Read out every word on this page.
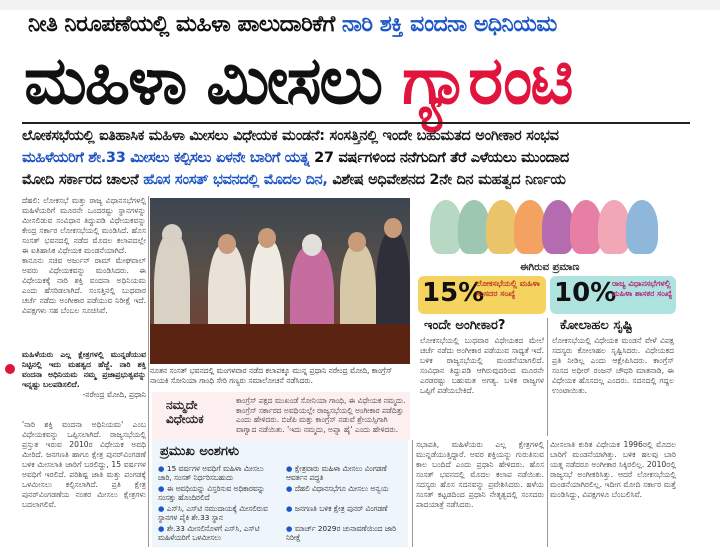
ನೀತಿ ನಿರೂಪಣೆಯಲ್ಲಿ ಮಹಿಳಾ ಪಾಲುದಾರಿಕೆಗೆ ನಾರಿ ಶಕ್ತಿ ವಂದನಾ ಅಧಿನಿಯಮ
ಮಹಿಳಾ ಮೀಸಲು ಗ್ಯಾರಂಟಿ
ಲೋಕಸಭೆಯಲ್ಲಿ ಐತಿಹಾಸಿಕ ಮಹಿಳಾ ಮೀಸಲು ವಿಧೇಯಕ ಮಂಡನೆ: ಸಂಸತ್ತಿನಲ್ಲಿ ಇಂದೇ ಬಹುಮತದ ಅಂಗೀಕಾರ ಸಂಭವ
ಮಹಿಳೆಯರಿಗೆ ಶೇ.33 ಮೀಸಲು ಕಲ್ಪಿಸಲು ಏಳನೇ ಬಾರಿಗೆ ಯತ್ನ 27 ವರ್ಷಗಳಿಂದ ನನೆಗುದಿಗೆ ತೆರೆ ಎಳೆಯಲು ಮುಂದಾದ
ಮೋದಿ ಸರ್ಕಾರದ ಚಾಲನೆ ಹೊಸ ಸಂಸತ್ ಭವನದಲ್ಲಿ ಮೊದಲ ದಿನ, ವಿಶೇಷ ಅಧಿವೇಶನದ 2ನೇ ದಿನ ಮಹತ್ವದ ನಿರ್ಣಯ
ದೆಹಲಿ: ಲೋಕಸಭೆ ಮತ್ತು ರಾಜ್ಯ ವಿಧಾನಸಭೆಗಳಲ್ಲಿ ಮಹಿಳೆಯರಿಗೆ ಮೂರನೇ ಒಂದರಷ್ಟು ಸ್ಥಾನಗಳನ್ನು ಮೀಸಲಿಡುವ ಸಂವಿಧಾನ ತಿದ್ದುಪಡಿ ವಿಧೇಯಕವನ್ನು ಕೇಂದ್ರ ಸರ್ಕಾರ ಲೋಕಸಭೆಯಲ್ಲಿ ಮಂಡಿಸಿದೆ. ಹೊಸ ಸಂಸತ್ ಭವನದಲ್ಲಿ ನಡೆದ ಮೊದಲ ಕಲಾಪದಲ್ಲೇ ಈ ಐತಿಹಾಸಿಕ ವಿಧೇಯಕ ಮಂಡನೆಯಾಗಿದೆ.
ಕಾನೂನು ಸಚಿವ ಅರ್ಜುನ್ ರಾಮ್ ಮೇಘವಾಲ್ ಅವರು ವಿಧೇಯಕವನ್ನು ಮಂಡಿಸಿದರು. ಈ ವಿಧೇಯಕಕ್ಕೆ ನಾರಿ ಶಕ್ತಿ ವಂದನಾ ಅಧಿನಿಯಮ ಎಂದು ಹೆಸರಿಡಲಾಗಿದೆ. ಸಂಸತ್ತಿನಲ್ಲಿ ಬುಧವಾರ ಚರ್ಚೆ ನಡೆದು ಅಂಗೀಕಾರ ಪಡೆಯುವ ನಿರೀಕ್ಷೆ ಇದೆ. ವಿಪಕ್ಷಗಳು ಸಹ ಬೆಂಬಲ ಸೂಚಿಸಿವೆ.
ಮಹಿಳೆಯರು ಎಲ್ಲ ಕ್ಷೇತ್ರಗಳಲ್ಲಿ ಮುನ್ನಡೆಯುವ ನಿಟ್ಟಿನಲ್ಲಿ ಇದು ಮಹತ್ವದ ಹೆಜ್ಜೆ. ನಾರಿ ಶಕ್ತಿ ವಂದನಾ ಅಧಿನಿಯಮ ನಮ್ಮ ಪ್ರಜಾಪ್ರಭುತ್ವವನ್ನು ಇನ್ನಷ್ಟು ಬಲಪಡಿಸಲಿದೆ.
-ನರೇಂದ್ರ ಮೋದಿ, ಪ್ರಧಾನಿ
'ನಾರಿ ಶಕ್ತಿ ವಂದನಾ ಅಧಿನಿಯಮ' ಎಂಬ ವಿಧೇಯಕವನ್ನು ಒಪ್ಪಿಸಲಾಗಿದೆ. ರಾಜ್ಯಸಭೆಯಲ್ಲಿ ಪ್ರಸ್ತುತ ಇರುವ 2010ರ ವಿಧೇಯಕ ಅವಧಿ ಮೀರಿದೆ. ಜನಗಣತಿ ಹಾಗೂ ಕ್ಷೇತ್ರ ಪುನರ್‌ವಿಂಗಡಣೆ ಬಳಿಕ ಮೀಸಲಾತಿ ಜಾರಿಗೆ ಬರಲಿದ್ದು, 15 ವರ್ಷಗಳ ಅವಧಿಗೆ ಇರಲಿದೆ. ಪರಿಶಿಷ್ಟ ಜಾತಿ ಮತ್ತು ಪಂಗಡಕ್ಕೆ ಒಳಮೀಸಲು ಕಲ್ಪಿಸಲಾಗಿದೆ. ಪ್ರತಿ ಕ್ಷೇತ್ರ ಪುನರ್‌ವಿಂಗಡಣೆಯ ನಂತರ ಮೀಸಲು ಕ್ಷೇತ್ರಗಳು ಬದಲಾಗಲಿವೆ.
ನೂತನ ಸಂಸತ್ ಭವನದಲ್ಲಿ ಮಂಗಳವಾರ ನಡೆದ ಕಲಾಪಕ್ಕೂ ಮುನ್ನ ಪ್ರಧಾನಿ ನರೇಂದ್ರ ಮೋದಿ, ಕಾಂಗ್ರೆಸ್ ನಾಯಕಿ ಸೋನಿಯಾ ಗಾಂಧಿ ಸೇರಿ ಗಣ್ಯರು ಸಮಾಲೋಚನೆ ನಡೆಸಿದರು.
ನಮ್ಮದೇ ವಿಧೇಯಕ
ಕಾಂಗ್ರೆಸ್ ಪಕ್ಷದ ಮುಖಂಡೆ ಸೋನಿಯಾ ಗಾಂಧಿ, ಈ ವಿಧೇಯಕ ನಮ್ಮದು. ಕಾಂಗ್ರೆಸ್ ಸರ್ಕಾರದ ಅವಧಿಯಲ್ಲೇ ರಾಜ್ಯಸಭೆಯಲ್ಲಿ ಅಂಗೀಕಾರ ಪಡೆದಿತ್ತು ಎಂದು ಹೇಳಿದರು. ಬಿಜೆಪಿ ಮತ್ತು ಕಾಂಗ್ರೆಸ್ ನಡುವೆ ಶ್ರೇಯಸ್ಸಿಗಾಗಿ ವಾಗ್ವಾದ ನಡೆಯಿತು. 'ಇದು ನಮ್ಮದು, ಅಪ್ನಾ ಹೈ' ಎಂದು ಹೇಳಿದರು.
ಪ್ರಮುಖ ಅಂಶಗಳು
● 15 ವರ್ಷಗಳ ಅವಧಿಗೆ ಮಹಿಳಾ ಮೀಸಲು ಜಾರಿ, ಸಂಸತ್ ನಿರ್ಧರಿಸಬಹುದು
● ಈ ಅವಧಿಯನ್ನು ವಿಸ್ತರಿಸುವ ಅಧಿಕಾರವನ್ನು ಸಂಸತ್ತು ಹೊಂದಿರಲಿದೆ
● ಎಸ್‌ಸಿ, ಎಸ್‌ಟಿ ಸಮುದಾಯಕ್ಕೆ ಮೀಸಲಿರುವ ಸ್ಥಾನಗಳ ಪೈಕಿ ಶೇ.33 ಸ್ಥಾನ
● ಶೇ.33 ಮೀಸಲಿನೊಳಗೆ ಎಸ್‌ಸಿ, ಎಸ್‌ಟಿ ಮಹಿಳೆಯರಿಗೆ ಒಳಮೀಸಲು
● ಕ್ಷೇತ್ರವಾರು ಮಹಿಳಾ ಮೀಸಲು ವಿಂಗಡಣೆ ಆವರ್ತನ ಪದ್ಧತಿ
● ದೆಹಲಿ ವಿಧಾನಸಭೆಗೂ ಮೀಸಲು ಅನ್ವಯ
● ಜನಗಣತಿ ಬಳಿಕ ಕ್ಷೇತ್ರ ಪುನರ್ ವಿಂಗಡಣೆ
● ಮಾರ್ಚ್ 2029ರ ಚುನಾವಣೆಯಿಂದ ಜಾರಿ ನಿರೀಕ್ಷೆ
ಈಗಿರುವ ಪ್ರಮಾಣ
15%
ಲೋಕಸಭೆಯಲ್ಲಿ ಮಹಿಳಾ ಸಂಸದರ ಸಂಖ್ಯೆ	10%
ರಾಜ್ಯ ವಿಧಾನಸಭೆಗಳಲ್ಲಿ ಮಹಿಳಾ ಶಾಸಕರ ಸಂಖ್ಯೆ
ಇಂದೇ ಅಂಗೀಕಾರ?
ಲೋಕಸಭೆಯಲ್ಲಿ ಬುಧವಾರ ವಿಧೇಯಕದ ಮೇಲೆ ಚರ್ಚೆ ನಡೆದು ಅಂಗೀಕಾರ ಪಡೆಯುವ ಸಾಧ್ಯತೆ ಇದೆ. ಬಳಿಕ ರಾಜ್ಯಸಭೆಯಲ್ಲಿ ಮಂಡನೆಯಾಗಲಿದೆ. ಸಂವಿಧಾನ ತಿದ್ದುಪಡಿ ಆಗಿರುವುದರಿಂದ ಮೂರನೇ ಎರಡರಷ್ಟು ಬಹುಮತ ಅಗತ್ಯ. ಬಳಿಕ ರಾಜ್ಯಗಳ ಒಪ್ಪಿಗೆ ಪಡೆಯಬೇಕಿದೆ.
ಕೋಲಾಹಲ ಸೃಷ್ಟಿ
ಲೋಕಸಭೆಯಲ್ಲಿ ವಿಧೇಯಕ ಮಂಡನೆ ವೇಳೆ ವಿಪಕ್ಷ ಸದಸ್ಯರು ಕೋಲಾಹಲ ಸೃಷ್ಟಿಸಿದರು. ವಿಧೇಯಕದ ಪ್ರತಿ ನೀಡಿಲ್ಲ ಎಂದು ಆಕ್ಷೇಪಿಸಿದರು. ಕಾಂಗ್ರೆಸ್ ಸಂಸದ ಅಧೀರ್ ರಂಜನ್ ಚೌಧರಿ ಮಾತನಾಡಿ, ಈ ವಿಧೇಯಕ ಹೊಸದಲ್ಲ ಎಂದರು. ಸದನದಲ್ಲಿ ಗದ್ದಲ ಉಂಟಾಯಿತು.
ಸಭಾಪತಿ, ಮಹಿಳೆಯರು ಎಲ್ಲ ಕ್ಷೇತ್ರಗಳಲ್ಲಿ ಮುನ್ನಡೆಯುತ್ತಿದ್ದಾರೆ. ಅವರ ಶಕ್ತಿಯನ್ನು ಗುರುತಿಸುವ ಕಾಲ ಬಂದಿದೆ ಎಂದು ಪ್ರಧಾನಿ ಹೇಳಿದರು. ಹೊಸ ಸಂಸತ್ ಭವನದಲ್ಲಿ ಮೊದಲ ಕಲಾಪ ನಡೆಯಿತು. ಸದಸ್ಯರು ಹೊಸ ಸದನವನ್ನು ಪ್ರವೇಶಿಸಿದರು. ಹಳೆಯ ಸಂಸತ್ ಕಟ್ಟಡದಿಂದ ಪ್ರಧಾನಿ ನೇತೃತ್ವದಲ್ಲಿ ಸಂಸದರು ಪಾದಯಾತ್ರೆ ನಡೆಸಿದರು.
ಮೀಸಲಾತಿ ಕುರಿತ ವಿಧೇಯಕ 1996ರಲ್ಲಿ ಮೊದಲ ಬಾರಿಗೆ ಮಂಡನೆಯಾಗಿತ್ತು. ಬಳಿಕ ಹಲವು ಬಾರಿ ಯತ್ನ ನಡೆದರೂ ಅಂಗೀಕಾರ ಸಿಕ್ಕಿರಲಿಲ್ಲ. 2010ರಲ್ಲಿ ರಾಜ್ಯಸಭೆ ಅಂಗೀಕರಿಸಿತ್ತು. ಆದರೆ ಲೋಕಸಭೆಯಲ್ಲಿ ಮಂಡನೆಯಾಗಿರಲಿಲ್ಲ. ಇದೀಗ ಮೋದಿ ಸರ್ಕಾರ ಮತ್ತೆ ಮಂಡಿಸಿದ್ದು, ವಿಪಕ್ಷಗಳೂ ಬೆಂಬಲಿಸಿವೆ.
